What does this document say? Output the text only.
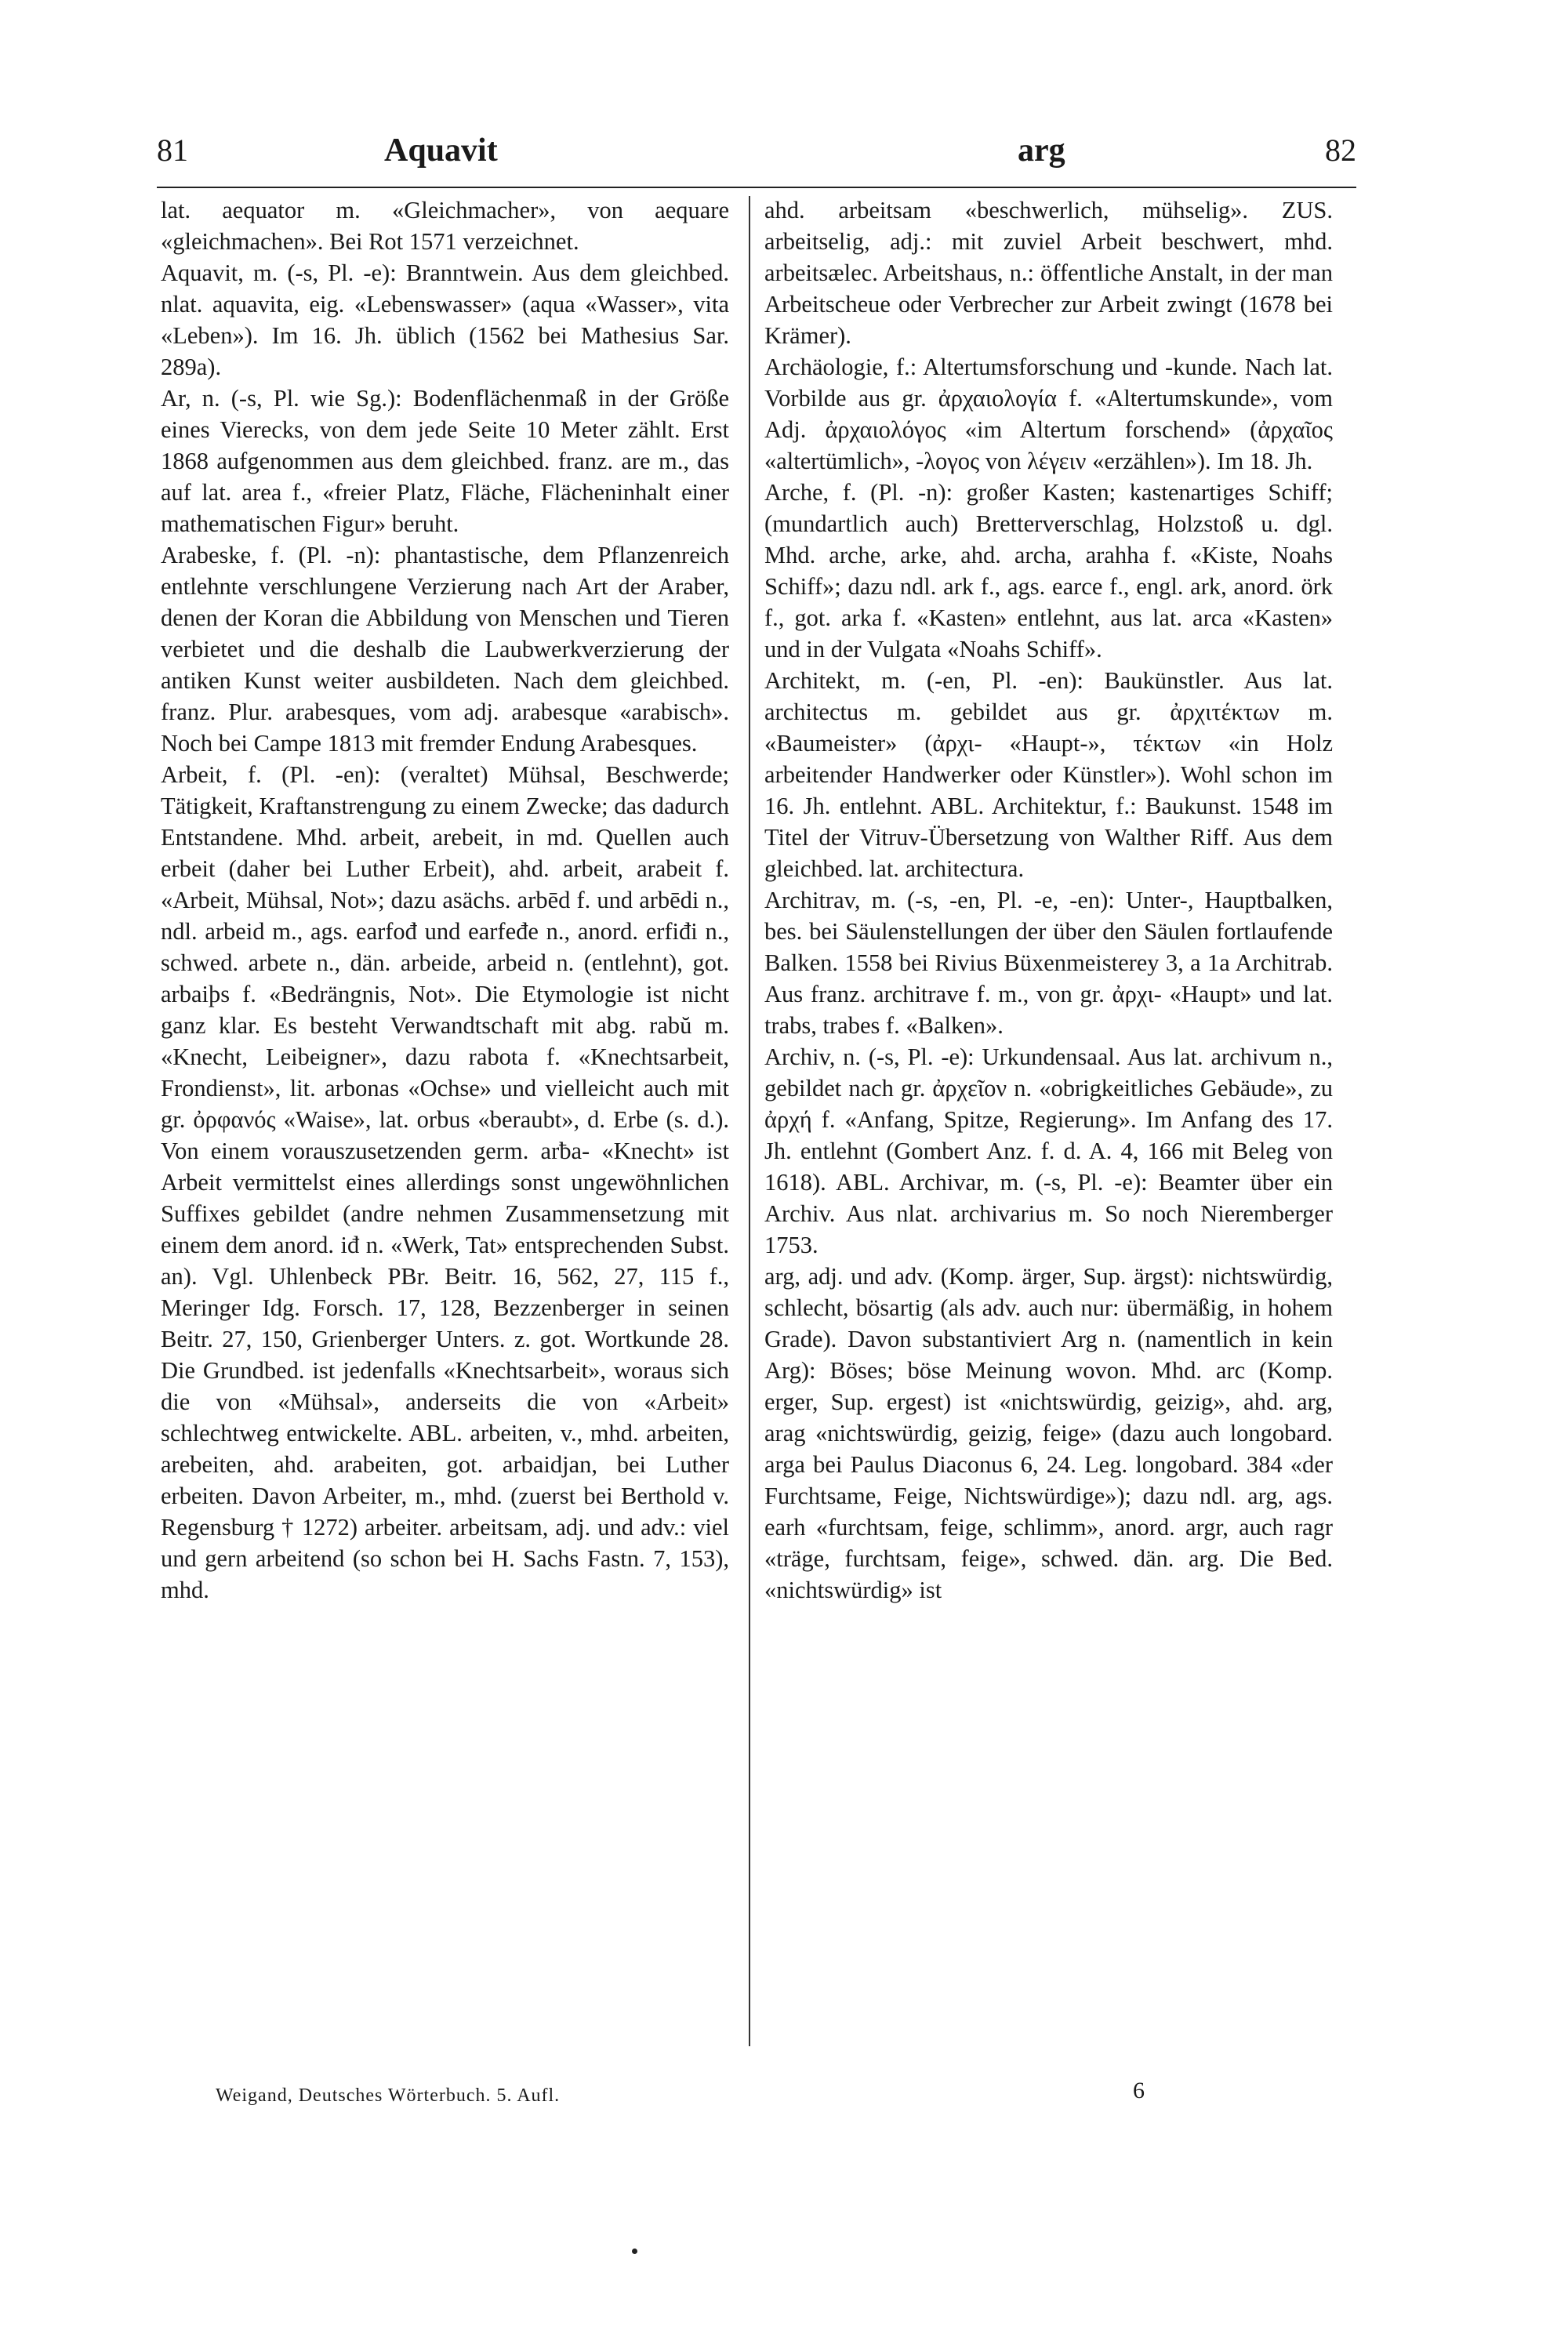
81	Aquavit	arg	82

lat. aequator m. «Gleichmacher», von aequare «gleichmachen». Bei Rot 1571 verzeichnet.

Aquavit, m. (-s, Pl. -e): Branntwein. Aus dem gleichbed. nlat. aquavita, eig. «Lebenswasser» (aqua «Wasser», vita «Leben»). Im 16. Jh. üblich (1562 bei Mathesius Sar. 289a).

Ar, n. (-s, Pl. wie Sg.): Bodenflächenmaß in der Größe eines Vierecks, von dem jede Seite 10 Meter zählt. Erst 1868 aufgenommen aus dem gleichbed. franz. are m., das auf lat. area f., «freier Platz, Fläche, Flächeninhalt einer mathematischen Figur» beruht.

Arabeske, f. (Pl. -n): phantastische, dem Pflanzenreich entlehnte verschlungene Verzierung nach Art der Araber, denen der Koran die Abbildung von Menschen und Tieren verbietet und die deshalb die Laubwerkverzierung der antiken Kunst weiter ausbildeten. Nach dem gleichbed. franz. Plur. arabesques, vom adj. arabesque «arabisch». Noch bei Campe 1813 mit fremder Endung Arabesques.

Arbeit, f. (Pl. -en): (veraltet) Mühsal, Beschwerde; Tätigkeit, Kraftanstrengung zu einem Zwecke; das dadurch Entstandene. Mhd. arbeit, arebeit, in md. Quellen auch erbeit (daher bei Luther Erbeit), ahd. arbeit, arabeit f. «Arbeit, Mühsal, Not»; dazu asächs. arbēd f. und arbēdi n., ndl. arbeid m., ags. earfođ und earfeđe n., anord. erfiđi n., schwed. arbete n., dän. arbeide, arbeid n. (entlehnt), got. arbaiþs f. «Bedrängnis, Not». Die Etymologie ist nicht ganz klar. Es besteht Verwandtschaft mit abg. rabŭ m. «Knecht, Leibeigner», dazu rabota f. «Knechtsarbeit, Frondienst», lit. arbonas «Ochse» und vielleicht auch mit gr. ὀρφανός «Waise», lat. orbus «beraubt», d. Erbe (s. d.). Von einem vorauszusetzenden germ. arƀa- «Knecht» ist Arbeit vermittelst eines allerdings sonst ungewöhnlichen Suffixes gebildet (andre nehmen Zusammensetzung mit einem dem anord. iđ n. «Werk, Tat» entsprechenden Subst. an). Vgl. Uhlenbeck PBr. Beitr. 16, 562, 27, 115 f., Meringer Idg. Forsch. 17, 128, Bezzenberger in seinen Beitr. 27, 150, Grienberger Unters. z. got. Wortkunde 28. Die Grundbed. ist jedenfalls «Knechtsarbeit», woraus sich die von «Mühsal», anderseits die von «Arbeit» schlechtweg entwickelte. ABL. arbeiten, v., mhd. arbeiten, arebeiten, ahd. arabeiten, got. arbaidjan, bei Luther erbeiten. Davon Arbeiter, m., mhd. (zuerst bei Berthold v. Regensburg † 1272) arbeiter. arbeitsam, adj. und adv.: viel und gern arbeitend (so schon bei H. Sachs Fastn. 7, 153), mhd.

ahd. arbeitsam «beschwerlich, mühselig». ZUS. arbeitselig, adj.: mit zuviel Arbeit beschwert, mhd. arbeitsælec. Arbeitshaus, n.: öffentliche Anstalt, in der man Arbeitscheue oder Verbrecher zur Arbeit zwingt (1678 bei Krämer).

Archäologie, f.: Altertumsforschung und -kunde. Nach lat. Vorbilde aus gr. ἀρχαιολογία f. «Altertumskunde», vom Adj. ἀρχαιολόγος «im Altertum forschend» (ἀρχαῖος «altertümlich», -λογος von λέγειν «erzählen»). Im 18. Jh.

Arche, f. (Pl. -n): großer Kasten; kastenartiges Schiff; (mundartlich auch) Bretterverschlag, Holzstoß u. dgl. Mhd. arche, arke, ahd. archa, arahha f. «Kiste, Noahs Schiff»; dazu ndl. ark f., ags. earce f., engl. ark, anord. örk f., got. arka f. «Kasten» entlehnt, aus lat. arca «Kasten» und in der Vulgata «Noahs Schiff».

Architekt, m. (-en, Pl. -en): Baukünstler. Aus lat. architectus m. gebildet aus gr. ἀρχιτέκτων m. «Baumeister» (ἀρχι- «Haupt-», τέκτων «in Holz arbeitender Handwerker oder Künstler»). Wohl schon im 16. Jh. entlehnt. ABL. Architektur, f.: Baukunst. 1548 im Titel der Vitruv-Übersetzung von Walther Riff. Aus dem gleichbed. lat. architectura.

Architrav, m. (-s, -en, Pl. -e, -en): Unter-, Hauptbalken, bes. bei Säulenstellungen der über den Säulen fortlaufende Balken. 1558 bei Rivius Büxenmeisterey 3, a 1a Architrab. Aus franz. architrave f. m., von gr. ἀρχι- «Haupt» und lat. trabs, trabes f. «Balken».

Archiv, n. (-s, Pl. -e): Urkundensaal. Aus lat. archivum n., gebildet nach gr. ἀρχεῖον n. «obrigkeitliches Gebäude», zu ἀρχή f. «Anfang, Spitze, Regierung». Im Anfang des 17. Jh. entlehnt (Gombert Anz. f. d. A. 4, 166 mit Beleg von 1618). ABL. Archivar, m. (-s, Pl. -e): Beamter über ein Archiv. Aus nlat. archivarius m. So noch Nieremberger 1753.

arg, adj. und adv. (Komp. ärger, Sup. ärgst): nichtswürdig, schlecht, bösartig (als adv. auch nur: übermäßig, in hohem Grade). Davon substantiviert Arg n. (namentlich in kein Arg): Böses; böse Meinung wovon. Mhd. arc (Komp. erger, Sup. ergest) ist «nichtswürdig, geizig», ahd. arg, arag «nichtswürdig, geizig, feige» (dazu auch longobard. arga bei Paulus Diaconus 6, 24. Leg. longobard. 384 «der Furchtsame, Feige, Nichtswürdige»); dazu ndl. arg, ags. earh «furchtsam, feige, schlimm», anord. argr, auch ragr «träge, furchtsam, feige», schwed. dän. arg. Die Bed. «nichtswürdig» ist

Weigand, Deutsches Wörterbuch. 5. Aufl.	6
